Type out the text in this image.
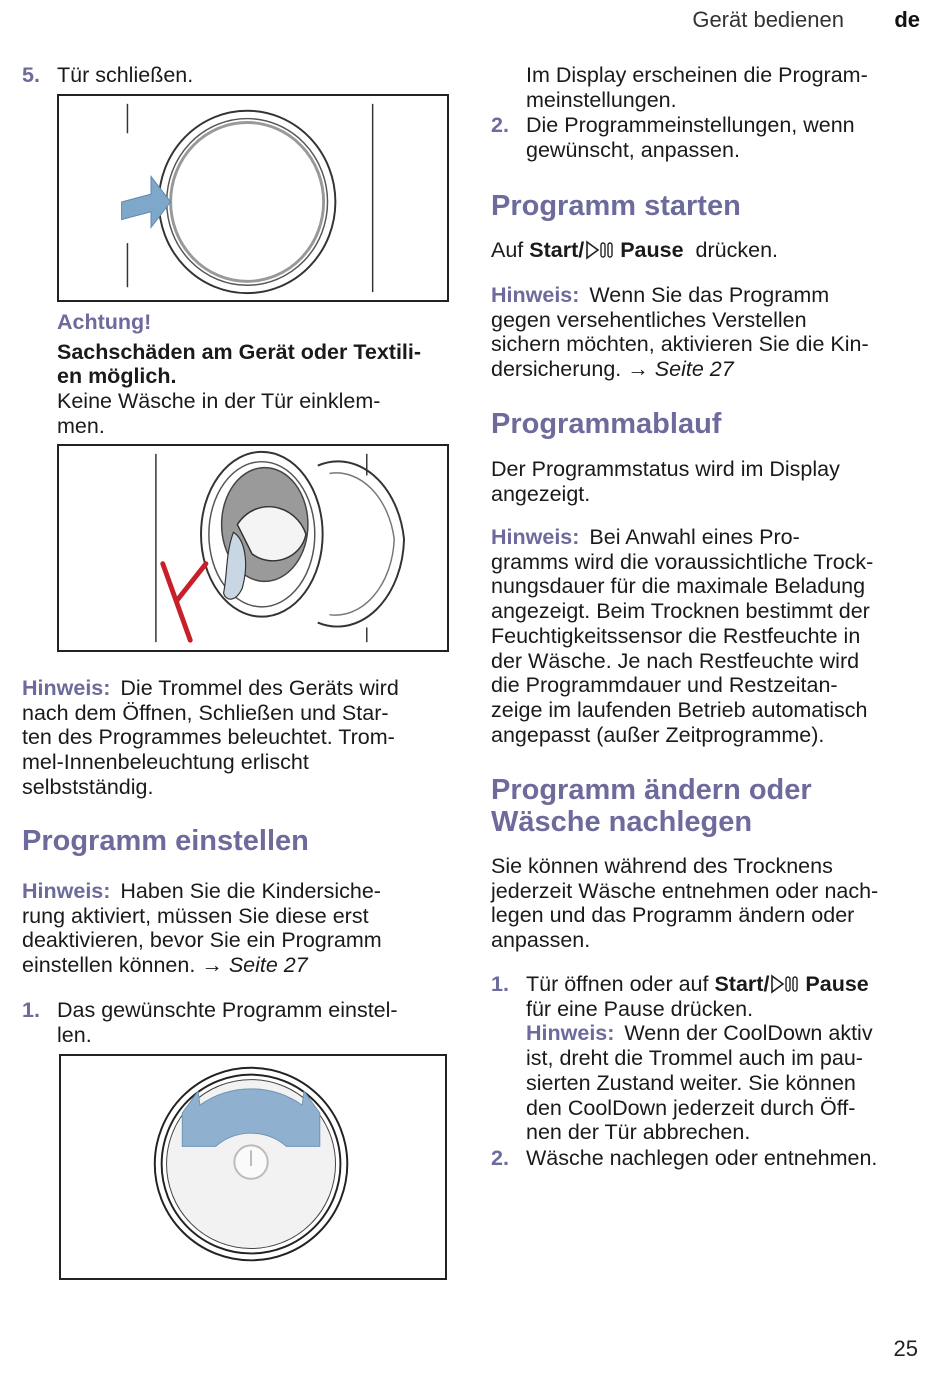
Gerät bedienen de
5. Tür schließen.

Achtung!

Sachschäden am Gerät oder Textili-

en möglich.

Keine Wäsche in der Tür einklem-

men.

Hinweis: Die Trommel des Geräts wird

nach dem Öffnen, Schließen und Star-

ten des Programmes beleuchtet. Trom-

mel-Innenbeleuchtung erlischt

selbstständig.

Programm einstellen

Hinweis: Haben Sie die Kindersiche-

rung aktiviert, müssen Sie diese erst

deaktivieren, bevor Sie ein Programm

einstellen können. → Seite 27

1. Das gewünschte Programm einstel-

len.

Im Display erscheinen die Program-

meinstellungen.

2. Die Programmeinstellungen, wenn

gewünscht, anpassen.

Programm starten

Auf Start/ Pause drücken.

Hinweis: Wenn Sie das Programm

gegen versehentliches Verstellen

sichern möchten, aktivieren Sie die Kin-

dersicherung. → Seite 27

Programmablauf

Der Programmstatus wird im Display

angezeigt.

Hinweis: Bei Anwahl eines Pro-

gramms wird die voraussichtliche Trock-

nungsdauer für die maximale Beladung

angezeigt. Beim Trocknen bestimmt der

Feuchtigkeitssensor die Restfeuchte in

der Wäsche. Je nach Restfeuchte wird

die Programmdauer und Restzeitan-

zeige im laufenden Betrieb automatisch

angepasst (außer Zeitprogramme).

Programm ändern oder
Wäsche nachlegen

Sie können während des Trocknens

jederzeit Wäsche entnehmen oder nach-

legen und das Programm ändern oder

anpassen.

1. Tür öffnen oder auf Start/ Pause

für eine Pause drücken.

Hinweis: Wenn der CoolDown aktiv

ist, dreht die Trommel auch im pau-

sierten Zustand weiter. Sie können

den CoolDown jederzeit durch Öff-

nen der Tür abbrechen.

2. Wäsche nachlegen oder entnehmen.
25
